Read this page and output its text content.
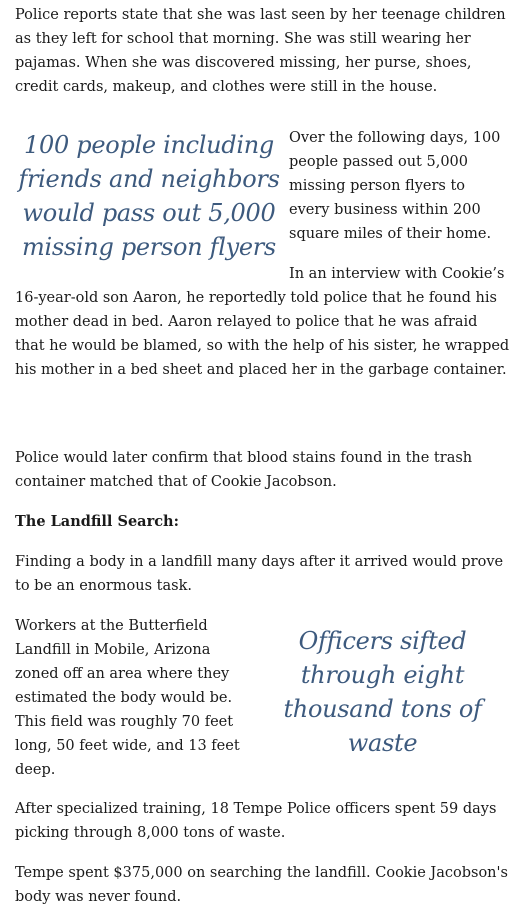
Police reports state that she was last seen by her teenage children as they left for school that morning. She was still wearing her pajamas. When she was discovered missing, her purse, shoes, credit cards, makeup, and clothes were still in the house.

100 people including friends and neighbors would pass out 5,000 missing person flyers

Over the following days, 100 people passed out 5,000 missing person flyers to every business within 200 square miles of their home.

In an interview with Cookie’s 16-year-old son Aaron, he reportedly told police that he found his mother dead in bed. Aaron relayed to police that he was afraid that he would be blamed, so with the help of his sister, he wrapped his mother in a bed sheet and placed her in the garbage container.

Police would later confirm that blood stains found in the trash container matched that of Cookie Jacobson.

The Landfill Search:

Finding a body in a landfill many days after it arrived would prove to be an enormous task.

Officers sifted through eight thousand tons of waste

Workers at the Butterfield Landfill in Mobile, Arizona zoned off an area where they estimated the body would be. This field was roughly 70 feet long, 50 feet wide, and 13 feet deep.

After specialized training, 18 Tempe Police officers spent 59 days picking through 8,000 tons of waste.

Tempe spent $375,000 on searching the landfill. Cookie Jacobson's body was never found.
